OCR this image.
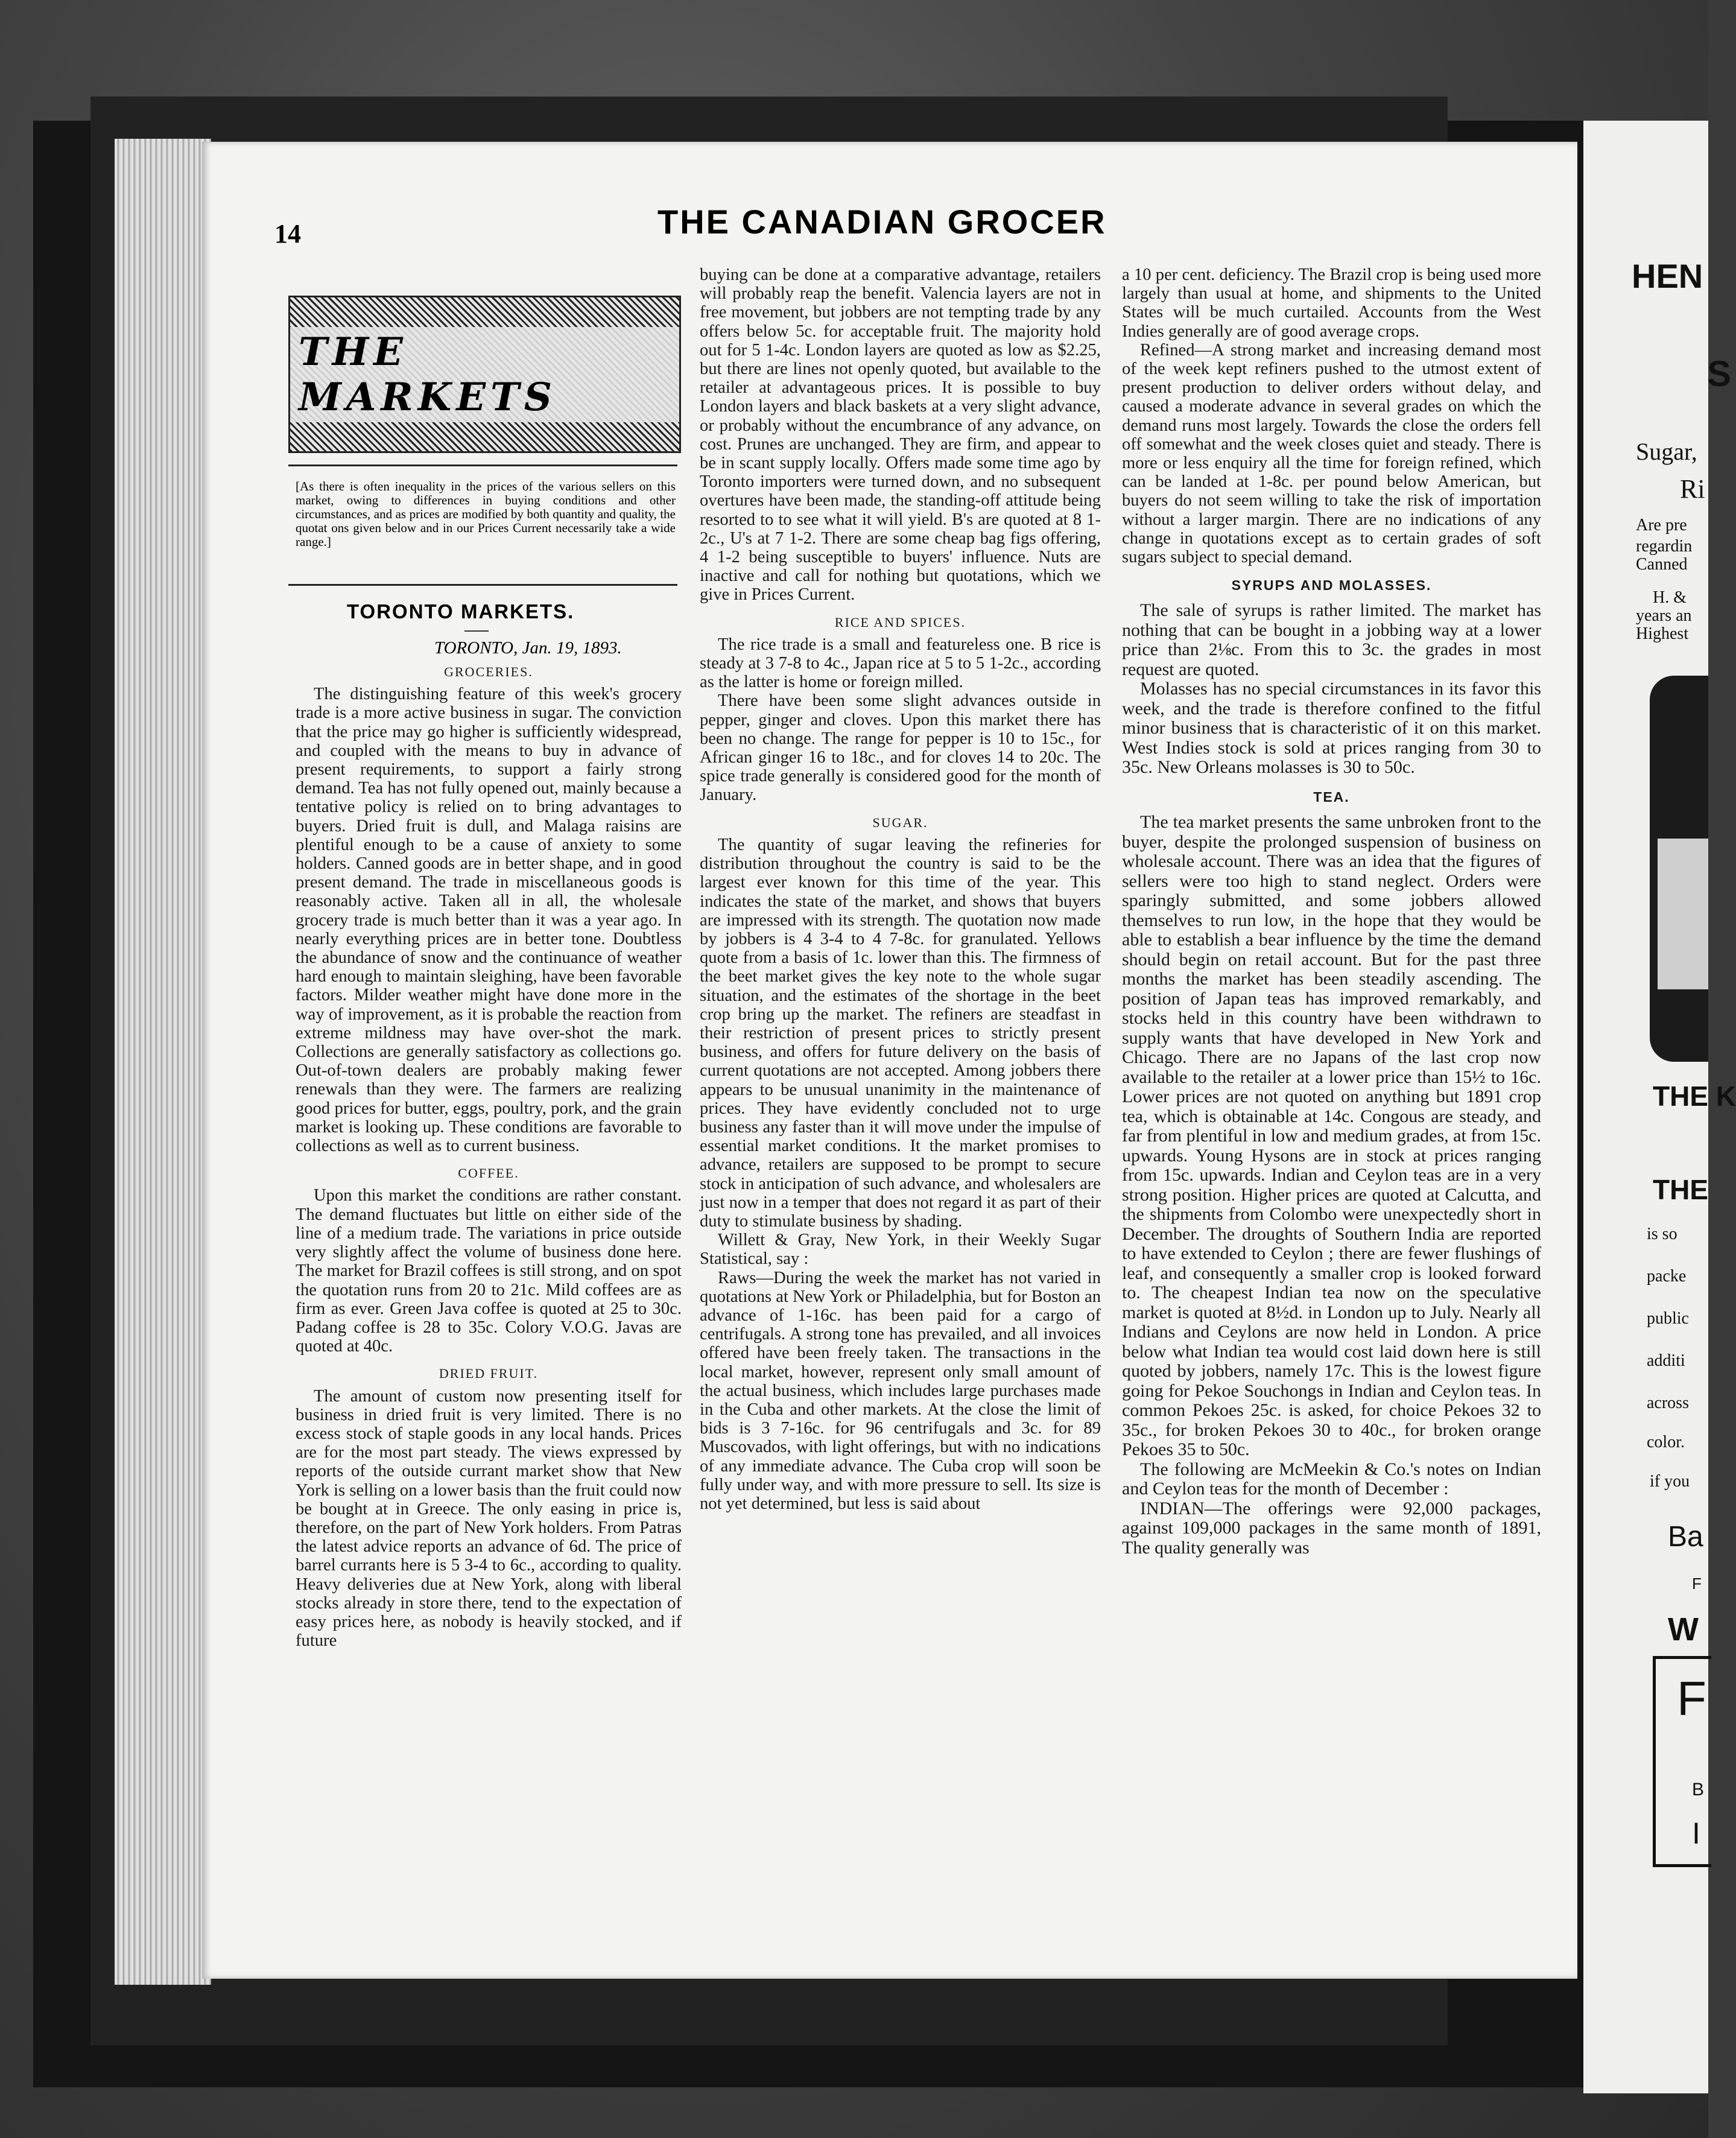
14	THE CANADIAN GROCER
THE MARKETS
[As there is often inequality in the prices of the various sellers on this market, owing to differences in buying conditions and other circumstances, and as prices are modified by both quantity and quality, the quotat ons given below and in our Prices Current necessarily take a wide range.]
TORONTO MARKETS.
TORONTO, Jan. 19, 1893.
GROCERIES.

The distinguishing feature of this week's grocery trade is a more active business in sugar. The conviction that the price may go higher is sufficiently widespread, and coupled with the means to buy in advance of present requirements, to support a fairly strong demand. Tea has not fully opened out, mainly because a tentative policy is relied on to bring advantages to buyers. Dried fruit is dull, and Malaga raisins are plentiful enough to be a cause of anxiety to some holders. Canned goods are in better shape, and in good present demand. The trade in miscellaneous goods is reasonably active. Taken all in all, the wholesale grocery trade is much better than it was a year ago. In nearly everything prices are in better tone. Doubtless the abundance of snow and the continuance of weather hard enough to maintain sleighing, have been favorable factors. Milder weather might have done more in the way of improvement, as it is probable the reaction from extreme mildness may have over-shot the mark. Collections are generally satisfactory as collections go. Out-of-town dealers are probably making fewer renewals than they were. The farmers are realizing good prices for butter, eggs, poultry, pork, and the grain market is looking up. These conditions are favorable to collections as well as to current business.

COFFEE.

Upon this market the conditions are rather constant. The demand fluctuates but little on either side of the line of a medium trade. The variations in price outside very slightly affect the volume of business done here. The market for Brazil coffees is still strong, and on spot the quotation runs from 20 to 21c. Mild coffees are as firm as ever. Green Java coffee is quoted at 25 to 30c. Padang coffee is 28 to 35c. Colory V.O.G. Javas are quoted at 40c.

DRIED FRUIT.

The amount of custom now presenting itself for business in dried fruit is very limited. There is no excess stock of staple goods in any local hands. Prices are for the most part steady. The views expressed by reports of the outside currant market show that New York is selling on a lower basis than the fruit could now be bought at in Greece. The only easing in price is, therefore, on the part of New York holders. From Patras the latest advice reports an advance of 6d. The price of barrel currants here is 5 3-4 to 6c., according to quality. Heavy deliveries due at New York, along with liberal stocks already in store there, tend to the expectation of easy prices here, as nobody is heavily stocked, and if future

buying can be done at a comparative advantage, retailers will probably reap the benefit. Valencia layers are not in free movement, but jobbers are not tempting trade by any offers below 5c. for acceptable fruit. The majority hold out for 5 1-4c. London layers are quoted as low as $2.25, but there are lines not openly quoted, but available to the retailer at advantageous prices. It is possible to buy London layers and black baskets at a very slight advance, or probably without the encumbrance of any advance, on cost. Prunes are unchanged. They are firm, and appear to be in scant supply locally. Offers made some time ago by Toronto importers were turned down, and no subsequent overtures have been made, the standing-off attitude being resorted to to see what it will yield. B's are quoted at 8 1-2c., U's at 7 1-2. There are some cheap bag figs offering, 4 1-2 being susceptible to buyers' influence. Nuts are inactive and call for nothing but quotations, which we give in Prices Current.

RICE AND SPICES.

The rice trade is a small and featureless one. B rice is steady at 3 7-8 to 4c., Japan rice at 5 to 5 1-2c., according as the latter is home or foreign milled.

There have been some slight advances outside in pepper, ginger and cloves. Upon this market there has been no change. The range for pepper is 10 to 15c., for African ginger 16 to 18c., and for cloves 14 to 20c. The spice trade generally is considered good for the month of January.

SUGAR.

The quantity of sugar leaving the refineries for distribution throughout the country is said to be the largest ever known for this time of the year. This indicates the state of the market, and shows that buyers are impressed with its strength. The quotation now made by jobbers is 4 3-4 to 4 7-8c. for granulated. Yellows quote from a basis of 1c. lower than this. The firmness of the beet market gives the key note to the whole sugar situation, and the estimates of the shortage in the beet crop bring up the market. The refiners are steadfast in their restriction of present prices to strictly present business, and offers for future delivery on the basis of current quotations are not accepted. Among jobbers there appears to be unusual unanimity in the maintenance of prices. They have evidently concluded not to urge business any faster than it will move under the impulse of essential market conditions. It the market promises to advance, retailers are supposed to be prompt to secure stock in anticipation of such advance, and wholesalers are just now in a temper that does not regard it as part of their duty to stimulate business by shading.

Willett & Gray, New York, in their Weekly Sugar Statistical, say :

Raws—During the week the market has not varied in quotations at New York or Philadelphia, but for Boston an advance of 1-16c. has been paid for a cargo of centrifugals. A strong tone has prevailed, and all invoices offered have been freely taken. The transactions in the local market, however, represent only small amount of the actual business, which includes large purchases made in the Cuba and other markets. At the close the limit of bids is 3 7-16c. for 96 centrifugals and 3c. for 89 Muscovados, with light offerings, but with no indications of any immediate advance. The Cuba crop will soon be fully under way, and with more pressure to sell. Its size is not yet determined, but less is said about

a 10 per cent. deficiency. The Brazil crop is being used more largely than usual at home, and shipments to the United States will be much curtailed. Accounts from the West Indies generally are of good average crops.

Refined—A strong market and increasing demand most of the week kept refiners pushed to the utmost extent of present production to deliver orders without delay, and caused a moderate advance in several grades on which the demand runs most largely. Towards the close the orders fell off somewhat and the week closes quiet and steady. There is more or less enquiry all the time for foreign refined, which can be landed at 1-8c. per pound below American, but buyers do not seem willing to take the risk of importation without a larger margin. There are no indications of any change in quotations except as to certain grades of soft sugars subject to special demand.

SYRUPS AND MOLASSES.

The sale of syrups is rather limited. The market has nothing that can be bought in a jobbing way at a lower price than 2⅛c. From this to 3c. the grades in most request are quoted.

Molasses has no special circumstances in its favor this week, and the trade is therefore confined to the fitful minor business that is characteristic of it on this market. West Indies stock is sold at prices ranging from 30 to 35c. New Orleans molasses is 30 to 50c.

TEA.

The tea market presents the same unbroken front to the buyer, despite the prolonged suspension of business on wholesale account. There was an idea that the figures of sellers were too high to stand neglect. Orders were sparingly submitted, and some jobbers allowed themselves to run low, in the hope that they would be able to establish a bear influence by the time the demand should begin on retail account. But for the past three months the market has been steadily ascending. The position of Japan teas has improved remarkably, and stocks held in this country have been withdrawn to supply wants that have developed in New York and Chicago. There are no Japans of the last crop now available to the retailer at a lower price than 15½ to 16c. Lower prices are not quoted on anything but 1891 crop tea, which is obtainable at 14c. Congous are steady, and far from plentiful in low and medium grades, at from 15c. upwards. Young Hysons are in stock at prices ranging from 15c. upwards. Indian and Ceylon teas are in a very strong position. Higher prices are quoted at Calcutta, and the shipments from Colombo were unexpectedly short in December. The droughts of Southern India are reported to have extended to Ceylon ; there are fewer flushings of leaf, and consequently a smaller crop is looked forward to. The cheapest Indian tea now on the speculative market is quoted at 8½d. in London up to July. Nearly all Indians and Ceylons are now held in London. A price below what Indian tea would cost laid down here is still quoted by jobbers, namely 17c. This is the lowest figure going for Pekoe Souchongs in Indian and Ceylon teas. In common Pekoes 25c. is asked, for choice Pekoes 32 to 35c., for broken Pekoes 30 to 40c., for broken orange Pekoes 35 to 50c.

The following are McMeekin & Co.'s notes on Indian and Ceylon teas for the month of December :

INDIAN—The offerings were 92,000 packages, against 109,000 packages in the same month of 1891, The quality generally was

HEN
S
Sugar,
Ri
Are pre
regardin
Canned
H. &
years an
Highest
THE K
THE
is so
packe
public
additi
across
color.
if you
Ba
F
W
F
B
I
